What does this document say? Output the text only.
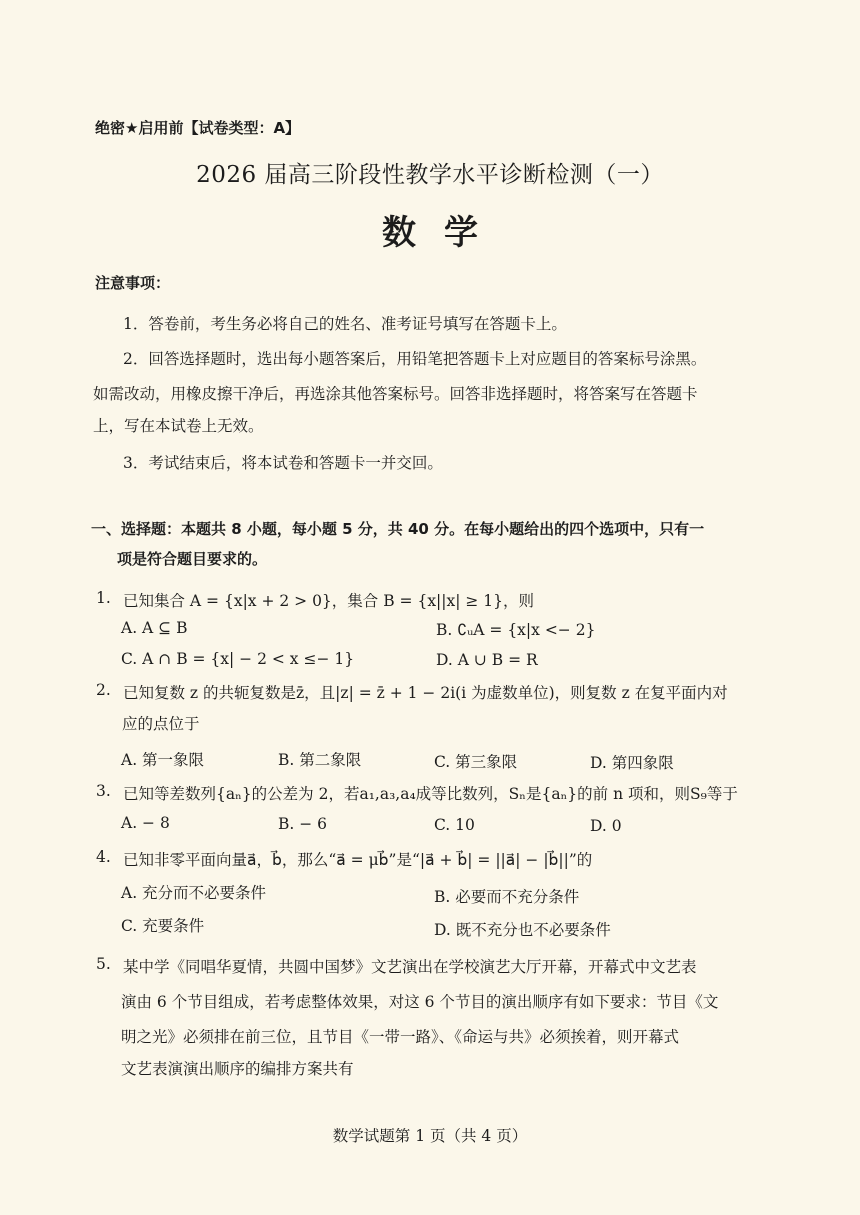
绝密★启用前【试卷类型：A】
2026 届高三阶段性教学水平诊断检测（一）
数学
注意事项：
1．答卷前，考生务必将自己的姓名、准考证号填写在答题卡上。
2．回答选择题时，选出每小题答案后，用铅笔把答题卡上对应题目的答案标号涂黑。
如需改动，用橡皮擦干净后，再选涂其他答案标号。回答非选择题时，将答案写在答题卡
上，写在本试卷上无效。
3．考试结束后，将本试卷和答题卡一并交回。
一、选择题：本题共 8 小题，每小题 5 分，共 40 分。在每小题给出的四个选项中，只有一
项是符合题目要求的。
1. 已知集合 A = {x|x + 2 > 0}，集合 B = {x||x| ≥ 1}，则
A. A ⊆ B	B. ∁ᵤA = {x|x <− 2}
C. A ∩ B = {x| − 2 < x ≤− 1}	D. A ∪ B = R
2. 已知复数 z 的共轭复数是z̄，且|z| = z̄ + 1 − 2i(i 为虚数单位)，则复数 z 在复平面内对
应的点位于
A. 第一象限	B. 第二象限	C. 第三象限	D. 第四象限
3. 已知等差数列{aₙ}的公差为 2，若a₁,a₃,a₄成等比数列，Sₙ是{aₙ}的前 n 项和，则S₉等于
A. − 8	B. − 6	C. 10	D. 0
4. 已知非零平面向量a⃗，b⃗，那么“a⃗ = μb⃗”是“|a⃗ + b⃗| = ||a⃗| − |b⃗||”的
A. 充分而不必要条件	B. 必要而不充分条件
C. 充要条件	D. 既不充分也不必要条件
5. 某中学《同唱华夏情，共圆中国梦》文艺演出在学校演艺大厅开幕，开幕式中文艺表
演由 6 个节目组成，若考虑整体效果，对这 6 个节目的演出顺序有如下要求：节目《文
明之光》必须排在前三位，且节目《一带一路》、《命运与共》必须挨着，则开幕式
文艺表演演出顺序的编排方案共有
数学试题第 1 页（共 4 页）
